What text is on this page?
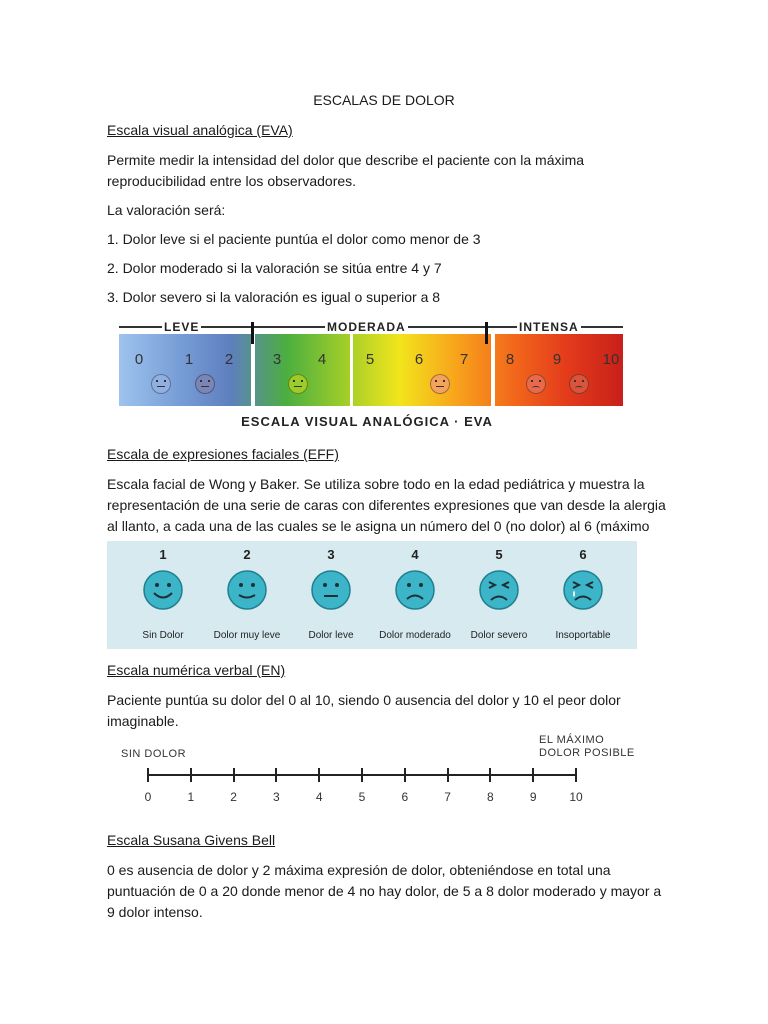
ESCALAS DE DOLOR
Escala visual analógica (EVA)
Permite medir la intensidad del dolor que describe el paciente con la máxima reproducibilidad entre los observadores.
La valoración será:
1. Dolor leve si el paciente puntúa el dolor como menor de 3
2. Dolor moderado si la valoración se sitúa entre 4 y 7
3. Dolor severo si la valoración es igual o superior a 8
LEVE	MODERADA	INTENSA
0	1	2	3	4	5	6	7	8	9	10
ESCALA VISUAL ANALÓGICA · EVA
Escala de expresiones faciales (EFF)
Escala facial de Wong y Baker. Se utiliza sobre todo en la edad pediátrica y muestra la representación de una serie de caras con diferentes expresiones que van desde la alergia al llanto, a cada una de las cuales se le asigna un número del 0 (no dolor) al 6 (máximo
1
Sin Dolor
2
Dolor muy leve
3
Dolor leve
4
Dolor moderado
5
Dolor severo
6
Insoportable
Escala numérica verbal (EN)
Paciente puntúa su dolor del 0 al 10, siendo 0 ausencia del dolor y 10 el peor dolor imaginable.
SIN DOLOR
EL MÁXIMO
DOLOR POSIBLE
0	1	2	3	4	5	6	7	8	9	10
Escala Susana Givens Bell
0 es ausencia de dolor y 2 máxima expresión de dolor, obteniéndose en total una puntuación de 0 a 20 donde menor de 4 no hay dolor, de 5 a 8 dolor moderado y mayor a 9 dolor intenso.
